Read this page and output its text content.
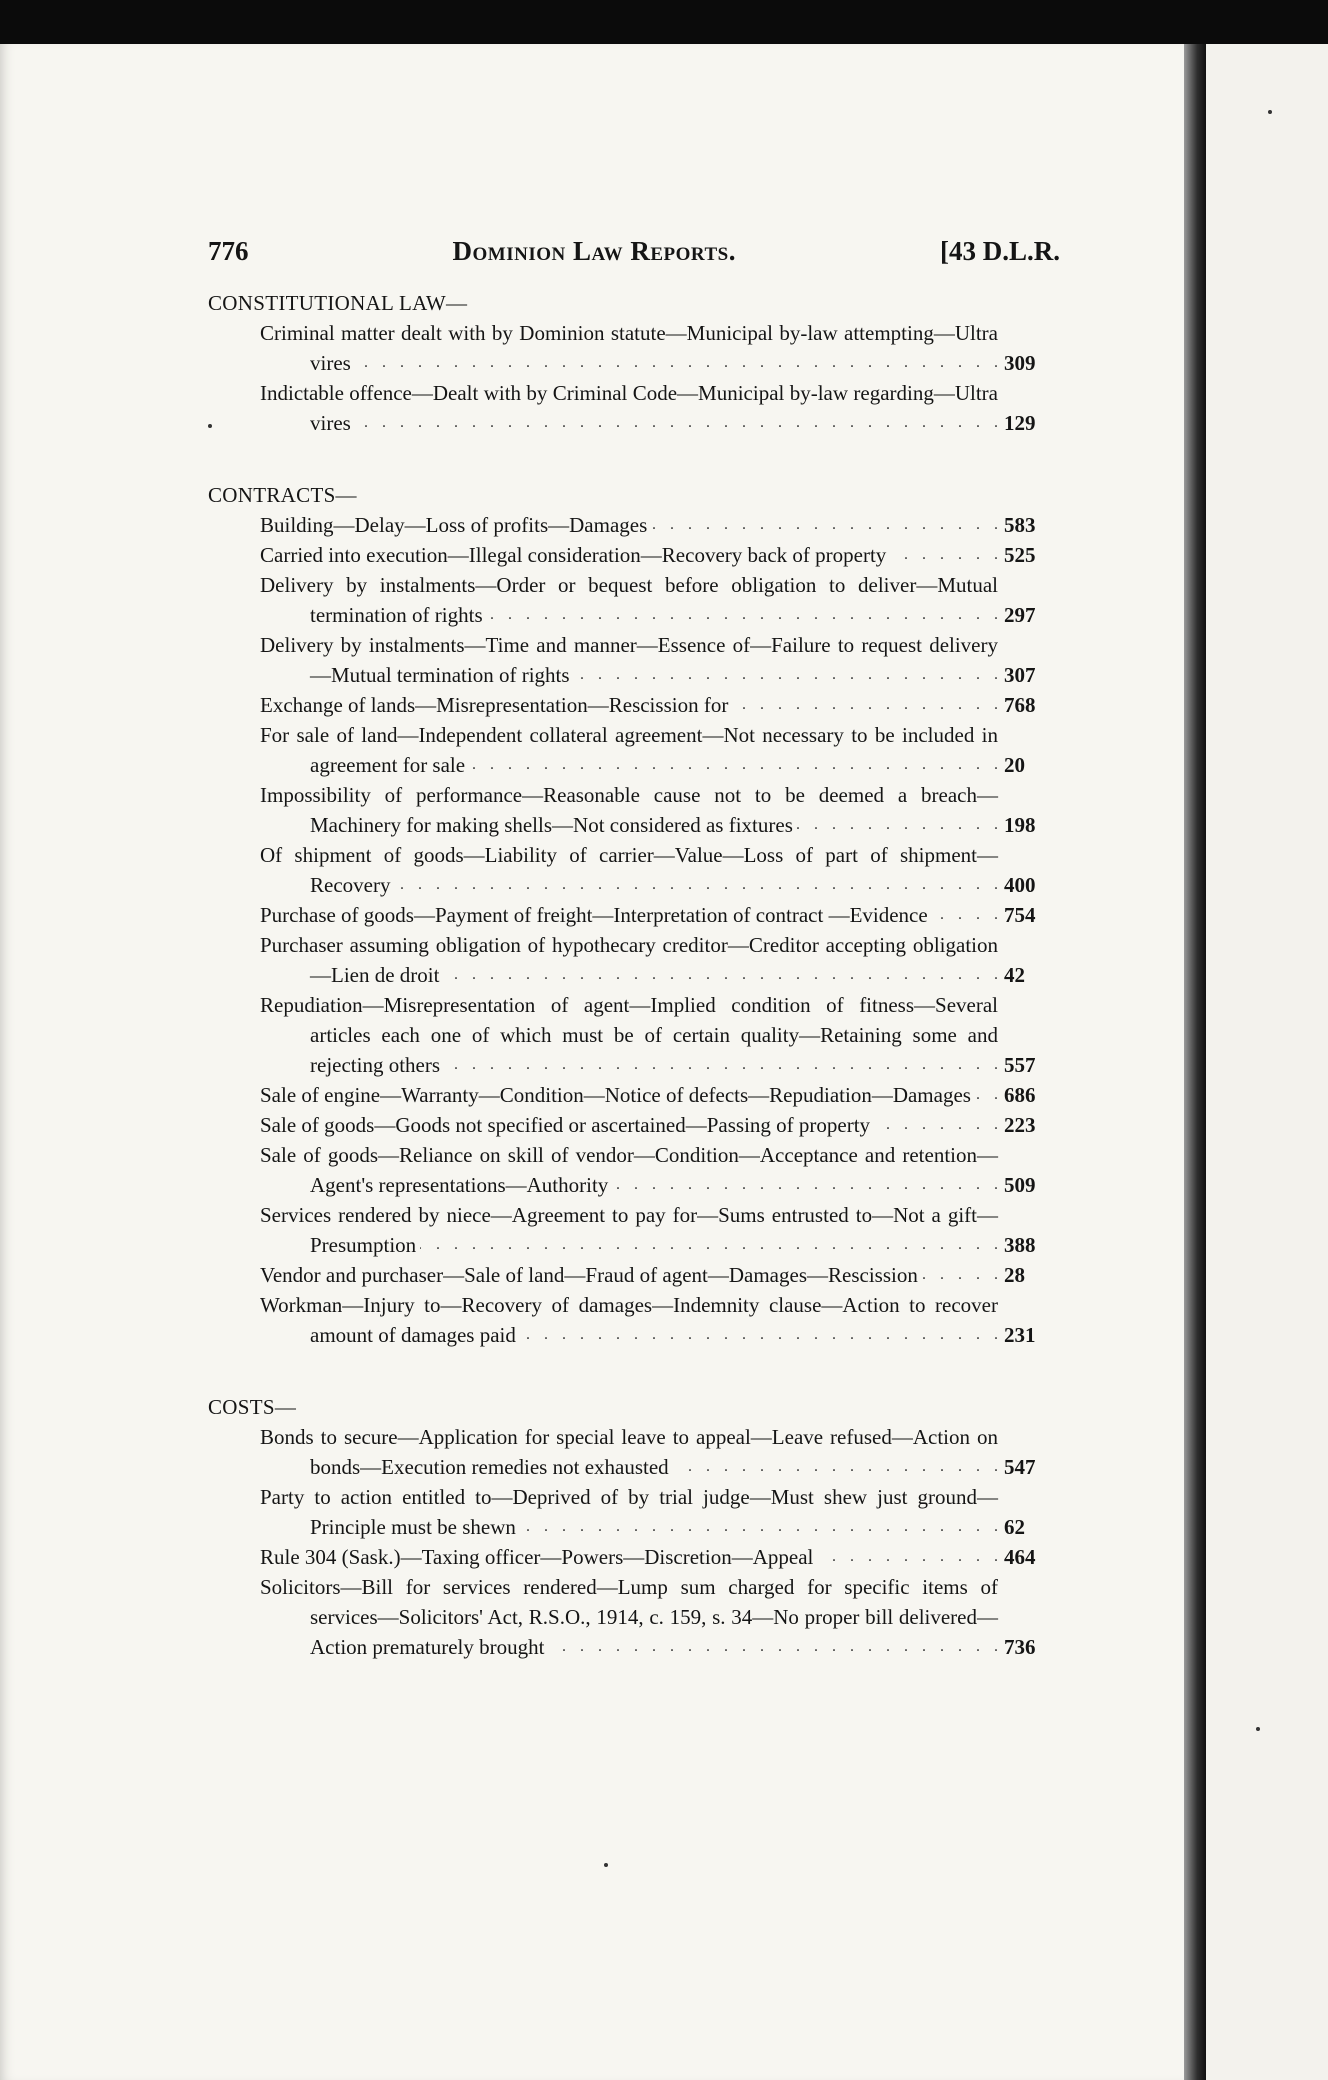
776	Dominion Law Reports.	[43 D.L.R.
CONSTITUTIONAL LAW—
. . .
Criminal matter dealt with by Dominion statute—Municipal by-law attempting—Ultra vires	309
. . .
Indictable offence—Dealt with by Criminal Code—Municipal by-law regarding—Ultra vires	129
CONTRACTS—
. . .
Building—Delay—Loss of profits—Damages	583
. . .
Carried into execution—Illegal consideration—Recovery back of property	525
. . .
Delivery by instalments—Order or bequest before obligation to deliver—Mutual termination of rights	297
. . .
Delivery by instalments—Time and manner—Essence of—Failure to request delivery—Mutual termination of rights	307
. . .
Exchange of lands—Misrepresentation—Rescission for	768
. . .
For sale of land—Independent collateral agreement—Not necessary to be included in agreement for sale	20
. . .
Impossibility of performance—Reasonable cause not to be deemed a breach—Machinery for making shells—Not considered as fixtures	198
. . .
Of shipment of goods—Liability of carrier—Value—Loss of part of shipment—Recovery	400
. . .
Purchase of goods—Payment of freight—Interpretation of contract —Evidence	754
. . .
Purchaser assuming obligation of hypothecary creditor—Creditor accepting obligation—Lien de droit	42
. . .
Repudiation—Misrepresentation of agent—Implied condition of fitness—Several articles each one of which must be of certain quality—Retaining some and rejecting others	557
. . .
Sale of engine—Warranty—Condition—Notice of defects—Repudiation—Damages 686
. . .
Sale of goods—Goods not specified or ascertained—Passing of property	223
. . .
Sale of goods—Reliance on skill of vendor—Condition—Acceptance and retention—Agent's representations—Authority	509
. . .
Services rendered by niece—Agreement to pay for—Sums entrusted to—Not a gift—Presumption	388
. . .
Vendor and purchaser—Sale of land—Fraud of agent—Damages—Rescission	28
. . .
Workman—Injury to—Recovery of damages—Indemnity clause—Action to recover amount of damages paid	231
COSTS—
. . .
Bonds to secure—Application for special leave to appeal—Leave refused—Action on bonds—Execution remedies not exhausted	547
. . .
Party to action entitled to—Deprived of by trial judge—Must shew just ground—Principle must be shewn	62
. . .
Rule 304 (Sask.)—Taxing officer—Powers—Discretion—Appeal	464
. . .
Solicitors—Bill for services rendered—Lump sum charged for specific items of services—Solicitors' Act, R.S.O., 1914, c. 159, s. 34—No proper bill delivered—Action prematurely brought	736
